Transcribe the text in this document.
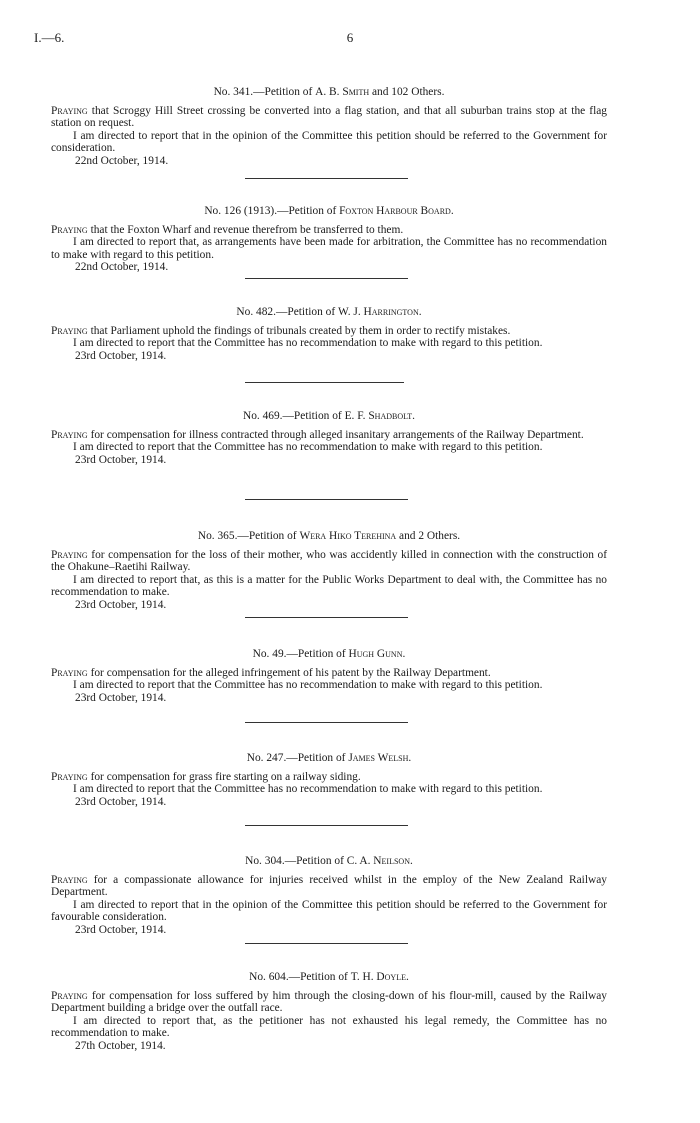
I.—6.	6

No. 341.—Petition of A. B. Smith and 102 Others.

Praying that Scroggy Hill Street crossing be converted into a flag station, and that all suburban trains stop at the flag station on request.

I am directed to report that in the opinion of the Committee this petition should be referred to the Government for consideration.

22nd October, 1914.

No. 126 (1913).—Petition of Foxton Harbour Board.

Praying that the Foxton Wharf and revenue therefrom be transferred to them.

I am directed to report that, as arrangements have been made for arbitration, the Committee has no recommendation to make with regard to this petition.

22nd October, 1914.

No. 482.—Petition of W. J. Harrington.

Praying that Parliament uphold the findings of tribunals created by them in order to rectify mistakes.

I am directed to report that the Committee has no recommendation to make with regard to this petition.

23rd October, 1914.

No. 469.—Petition of E. F. Shadbolt.

Praying for compensation for illness contracted through alleged insanitary arrangements of the Railway Department.

I am directed to report that the Committee has no recommendation to make with regard to this petition.

23rd October, 1914.

No. 365.—Petition of Wera Hiko Terehina and 2 Others.

Praying for compensation for the loss of their mother, who was accidently killed in connection with the construction of the Ohakune–Raetihi Railway.

I am directed to report that, as this is a matter for the Public Works Department to deal with, the Committee has no recommendation to make.

23rd October, 1914.

No. 49.—Petition of Hugh Gunn.

Praying for compensation for the alleged infringement of his patent by the Railway Department.

I am directed to report that the Committee has no recommendation to make with regard to this petition.

23rd October, 1914.

No. 247.—Petition of James Welsh.

Praying for compensation for grass fire starting on a railway siding.

I am directed to report that the Committee has no recommendation to make with regard to this petition.

23rd October, 1914.

No. 304.—Petition of C. A. Neilson.

Praying for a compassionate allowance for injuries received whilst in the employ of the New Zealand Railway Department.

I am directed to report that in the opinion of the Committee this petition should be referred to the Government for favourable consideration.

23rd October, 1914.

No. 604.—Petition of T. H. Doyle.

Praying for compensation for loss suffered by him through the closing-down of his flour-mill, caused by the Railway Department building a bridge over the outfall race.

I am directed to report that, as the petitioner has not exhausted his legal remedy, the Committee has no recommendation to make.

27th October, 1914.
